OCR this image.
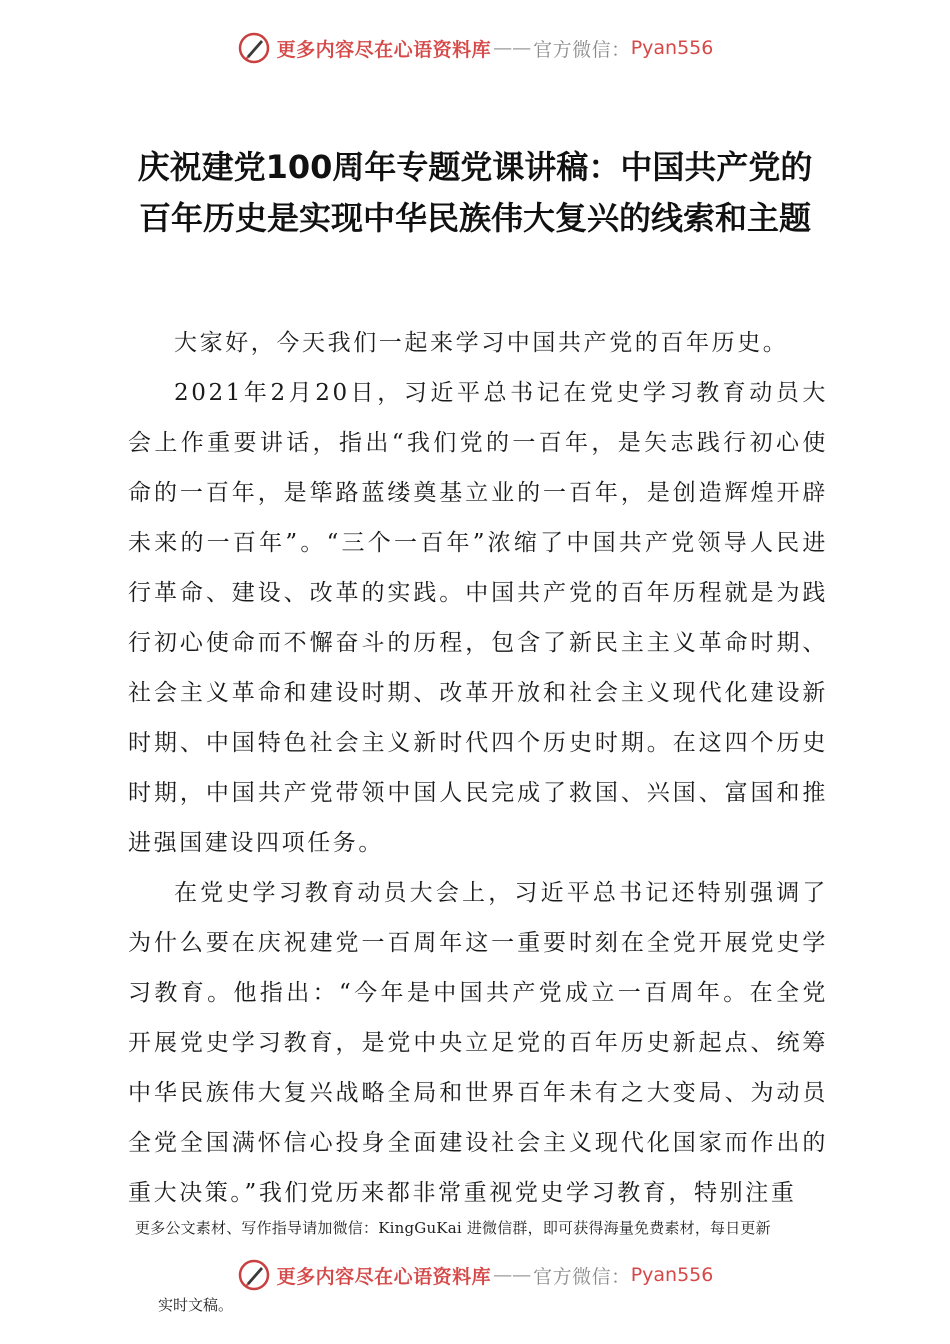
更多内容尽在心语资料库 —— 官方微信： Pyan556
庆祝建党100周年专题党课讲稿：中国共产党的百年历史是实现中华民族伟大复兴的线索和主题

大家好，今天我们一起来学习中国共产党的百年历史。

2021年2月20日，习近平总书记在党史学习教育动员大会上作重要讲话，指出“我们党的一百年，是矢志践行初心使命的一百年，是筚路蓝缕奠基立业的一百年，是创造辉煌开辟未来的一百年”。“三个一百年”浓缩了中国共产党领导人民进行革命、建设、改革的实践。中国共产党的百年历程就是为践行初心使命而不懈奋斗的历程，包含了新民主主义革命时期、社会主义革命和建设时期、改革开放和社会主义现代化建设新时期、中国特色社会主义新时代四个历史时期。在这四个历史时期，中国共产党带领中国人民完成了救国、兴国、富国和推进强国建设四项任务。

在党史学习教育动员大会上，习近平总书记还特别强调了为什么要在庆祝建党一百周年这一重要时刻在全党开展党史学习教育。他指出：“今年是中国共产党成立一百周年。在全党开展党史学习教育，是党中央立足党的百年历史新起点、统筹中华民族伟大复兴战略全局和世界百年未有之大变局、为动员全党全国满怀信心投身全面建设社会主义现代化国家而作出的重大决策。”我们党历来都非常重视党史学习教育，特别注重

更多公文素材、写作指导请加微信：KingGuKai 进微信群，即可获得海量免费素材，每日更新
更多内容尽在心语资料库 —— 官方微信： Pyan556
实时文稿。
